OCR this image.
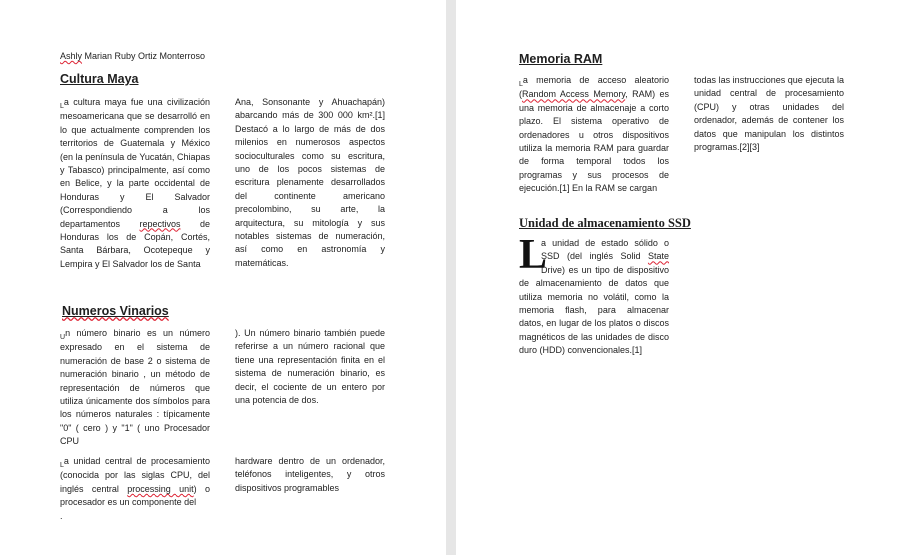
Ashly Marian Ruby Ortiz Monterroso

Cultura Maya

$_L$a cultura maya fue una civilización mesoamericana que se desarrolló en lo que actualmente comprenden los territorios de Guatemala y México (en la península de Yucatán, Chiapas y Tabasco) principalmente, así como en Belice, y la parte occidental de Honduras y El Salvador (Correspondiendo a los departamentos repectivos de Honduras los de Copán, Cortés, Santa Bárbara, Ocotepeque y Lempira y El Salvador los de Santa

Ana, Sonsonante y Ahuachapán) abarcando más de 300 000 km².[1] Destacó a lo largo de más de dos milenios en numerosos aspectos socioculturales como su escritura, uno de los pocos sistemas de escritura plenamente desarrollados del continente americano precolombino, su arte, la arquitectura, su mitología y sus notables sistemas de numeración, así como en astronomía y matemáticas.

Numeros Vinarios

$_U$n número binario es un número expresado en el sistema de numeración de base 2 o sistema de numeración binario , un método de representación de números que utiliza únicamente dos símbolos para los números naturales : típicamente "0" ( cero ) y "1" ( uno Procesador CPU

). Un número binario también puede referirse a un número racional que tiene una representación finita en el sistema de numeración binario, es decir, el cociente de un entero por una potencia de dos.

$_L$a unidad central de procesamiento (conocida por las siglas CPU, del inglés central processing unit) o procesador es un componente del
.

hardware dentro de un ordenador, teléfonos inteligentes, y otros dispositivos programables

Memoria RAM

$_L$a memoria de acceso aleatorio (Random Access Memory, RAM) es una memoria de almacenaje a corto plazo. El sistema operativo de ordenadores u otros dispositivos utiliza la memoria RAM para guardar de forma temporal todos los programas y sus procesos de ejecución.[1] En la RAM se cargan

todas las instrucciones que ejecuta la unidad central de procesamiento (CPU) y otras unidades del ordenador, además de contener los datos que manipulan los distintos programas.[2][3]

Unidad de almacenamiento SSD

a unidad de estado sólido o SSD (del inglés Solid State Drive) es un tipo de dispositivo de almacenamiento de datos que utiliza memoria no volátil, como la memoria flash, para almacenar datos, en lugar de los platos o discos magnéticos de las unidades de disco duro (HDD) convencionales.[1]

L
